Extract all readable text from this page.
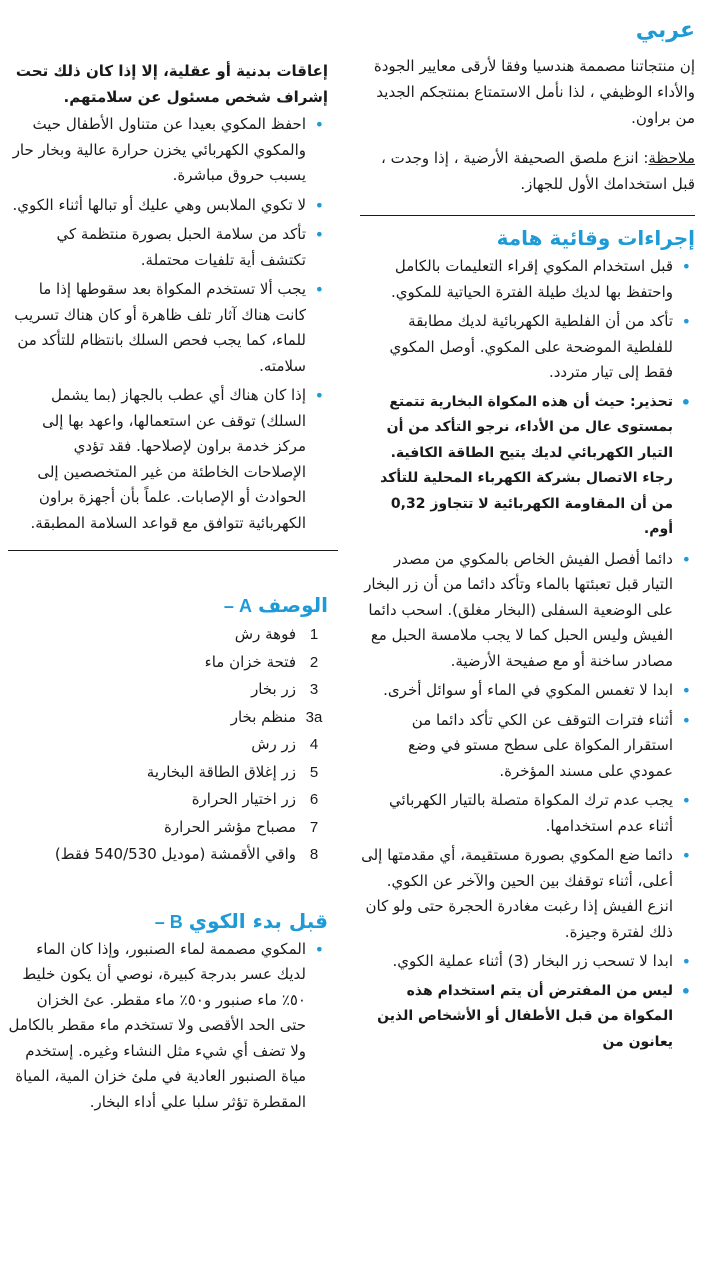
عربي

إن منتجاتنا مصممة هندسيا وفقا لأرقى معايير الجودة والأداء الوظيفي ، لذا نأمل الاستمتاع بمنتجكم الجديد من براون.

ملاحظة: انزع ملصق الصحيفة الأرضية ، إذا وجدت ، قبل استخدامك الأول للجهاز.

إجراءات وقائية هامة
• قبل استخدام المكوي إقراء التعليمات بالكامل واحتفظ بها لديك طيلة الفترة الحياتية للمكوي.
• تأكد من أن الفلطية الكهربائية لديك مطابقة للفلطية الموضحة على المكوي. أوصل المكوي فقط إلى تيار متردد.
• تحذير: حيث أن هذه المكواة البخارية تتمتع بمستوى عال من الأداء، نرجو التأكد من أن التيار الكهربائي لديك يتيح الطاقة الكافية. رجاء الاتصال بشركة الكهرباء المحلية للتأكد من أن المقاومة الكهربائية لا تتجاوز 0,32 أوم.
• دائما أفصل الفيش الخاص بالمكوي من مصدر التيار قبل تعبئتها بالماء وتأكد دائما من أن زر البخار على الوضعية السفلى (البخار مغلق). اسحب دائما الفيش وليس الحبل كما لا يجب ملامسة الحبل مع مصادر ساخنة أو مع صفيحة الأرضية.
• ابدا لا تغمس المكوي في الماء أو سوائل أخرى.
• أثناء فترات التوقف عن الكي تأكد دائما من استقرار المكواة على سطح مستو في وضع عمودي على مسند المؤخرة.
• يجب عدم ترك المكواة متصلة بالتيار الكهربائي أثناء عدم استخدامها.
• دائما ضع المكوي بصورة مستقيمة، أي مقدمتها إلى أعلى، أثناء توقفك بين الحين والآخر عن الكوي. انزع الفيش إذا رغبت مغادرة الحجرة حتى ولو كان ذلك لفترة وجيزة.
• ابدا لا تسحب زر البخار (3) أثناء عملية الكوي.
• ليس من المفترض أن يتم استخدام هذه المكواة من قبل الأطفال أو الأشخاص الذين يعانون من

إعاقات بدنية أو عقلية، إلا إذا كان ذلك تحت إشراف شخص مسئول عن سلامتهم.

• احفظ المكوي بعيدا عن متناول الأطفال حيث والمكوي الكهربائي يخزن حرارة عالية وبخار حار يسبب حروق مباشرة.
• لا تكوي الملابس وهي عليك أو تبالها أثناء الكوي.
• تأكد من سلامة الحبل بصورة منتظمة كي تكتشف أية تلفيات محتملة.
• يجب ألا تستخدم المكواة بعد سقوطها إذا ما كانت هناك آثار تلف ظاهرة أو كان هناك تسريب للماء، كما يجب فحص السلك بانتظام للتأكد من سلامته.
• إذا كان هناك أي عطب بالجهاز (بما يشمل السلك) توقف عن استعمالها، واعهد بها إلى مركز خدمة براون لإصلاحها. فقد تؤدي الإصلاحات الخاطئة من غير المتخصصين إلى الحوادث أو الإصابات. علماً بأن أجهزة براون الكهربائية تتوافق مع قواعد السلامة المطبقة.
الوصف
A –
1
فوهة رش
2
فتحة خزان ماء
3
زر بخار
3a
منظم بخار
4
زر رش
5
زر إغلاق الطاقة البخارية
6
زر اختيار الحرارة
7
مصباح مؤشر الحرارة
8
واقي الأقمشة (موديل 540/530 فقط)
قبل بدء الكوي
B –
• المكوي مصممة لماء الصنبور، وإذا كان الماء لديك عسر بدرجة كبيرة، نوصي أن يكون خليط ٥٠٪ ماء صنبور و٥٠٪ ماء مقطر. عئ الخزان حتى الحد الأقصى ولا تستخدم ماء مقطر بالكامل ولا تضف أي شيء مثل النشاء وغيره. إستخدم مياة الصنبور العادية في ملئ خزان المية، المياة المقطرة تؤثر سلبا علي أداء البخار.
